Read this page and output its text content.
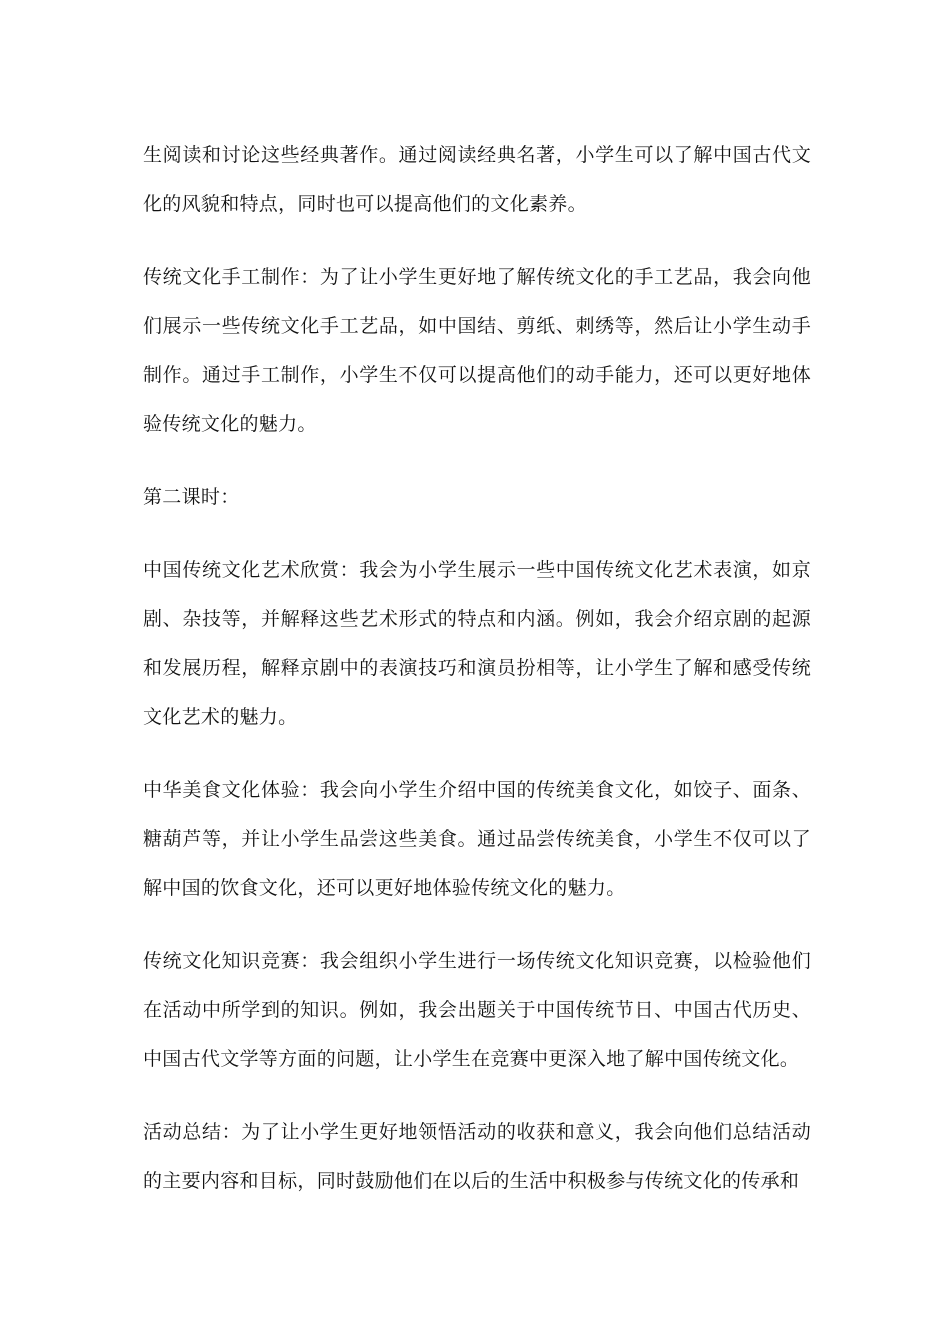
生阅读和讨论这些经典著作。通过阅读经典名著，小学生可以了解中国古代文化的风貌和特点，同时也可以提高他们的文化素养。

传统文化手工制作：为了让小学生更好地了解传统文化的手工艺品，我会向他们展示一些传统文化手工艺品，如中国结、剪纸、刺绣等，然后让小学生动手制作。通过手工制作，小学生不仅可以提高他们的动手能力，还可以更好地体验传统文化的魅力。

第二课时：

中国传统文化艺术欣赏：我会为小学生展示一些中国传统文化艺术表演，如京剧、杂技等，并解释这些艺术形式的特点和内涵。例如，我会介绍京剧的起源和发展历程，解释京剧中的表演技巧和演员扮相等，让小学生了解和感受传统文化艺术的魅力。

中华美食文化体验：我会向小学生介绍中国的传统美食文化，如饺子、面条、糖葫芦等，并让小学生品尝这些美食。通过品尝传统美食，小学生不仅可以了解中国的饮食文化，还可以更好地体验传统文化的魅力。

传统文化知识竞赛：我会组织小学生进行一场传统文化知识竞赛，以检验他们在活动中所学到的知识。例如，我会出题关于中国传统节日、中国古代历史、中国古代文学等方面的问题，让小学生在竞赛中更深入地了解中国传统文化。

活动总结：为了让小学生更好地领悟活动的收获和意义，我会向他们总结活动的主要内容和目标，同时鼓励他们在以后的生活中积极参与传统文化的传承和
